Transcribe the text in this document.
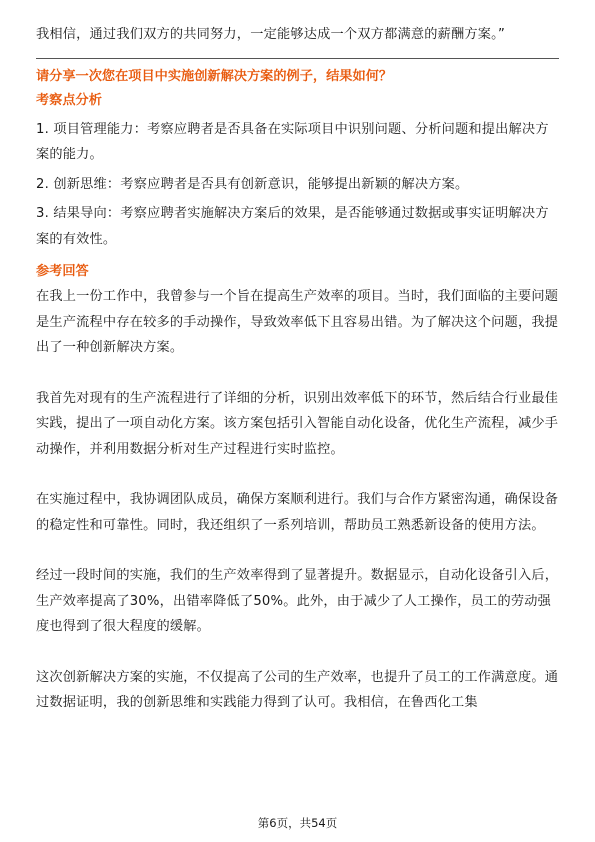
我相信，通过我们双方的共同努力，一定能够达成一个双方都满意的薪酬方案。”

请分享一次您在项目中实施创新解决方案的例子，结果如何？

考察点分析

1. 项目管理能力：考察应聘者是否具备在实际项目中识别问题、分析问题和提出解决方案的能力。

2. 创新思维：考察应聘者是否具有创新意识，能够提出新颖的解决方案。

3. 结果导向：考察应聘者实施解决方案后的效果，是否能够通过数据或事实证明解决方案的有效性。

参考回答

在我上一份工作中，我曾参与一个旨在提高生产效率的项目。当时，我们面临的主要问题是生产流程中存在较多的手动操作，导致效率低下且容易出错。为了解决这个问题，我提出了一种创新解决方案。

我首先对现有的生产流程进行了详细的分析，识别出效率低下的环节，然后结合行业最佳实践，提出了一项自动化方案。该方案包括引入智能自动化设备，优化生产流程，减少手动操作，并利用数据分析对生产过程进行实时监控。

在实施过程中，我协调团队成员，确保方案顺利进行。我们与合作方紧密沟通，确保设备的稳定性和可靠性。同时，我还组织了一系列培训，帮助员工熟悉新设备的使用方法。

经过一段时间的实施，我们的生产效率得到了显著提升。数据显示，自动化设备引入后，生产效率提高了30%，出错率降低了50%。此外，由于减少了人工操作，员工的劳动强度也得到了很大程度的缓解。

这次创新解决方案的实施，不仅提高了公司的生产效率，也提升了员工的工作满意度。通过数据证明，我的创新思维和实践能力得到了认可。我相信，在鲁西化工集

第6页，共54页
